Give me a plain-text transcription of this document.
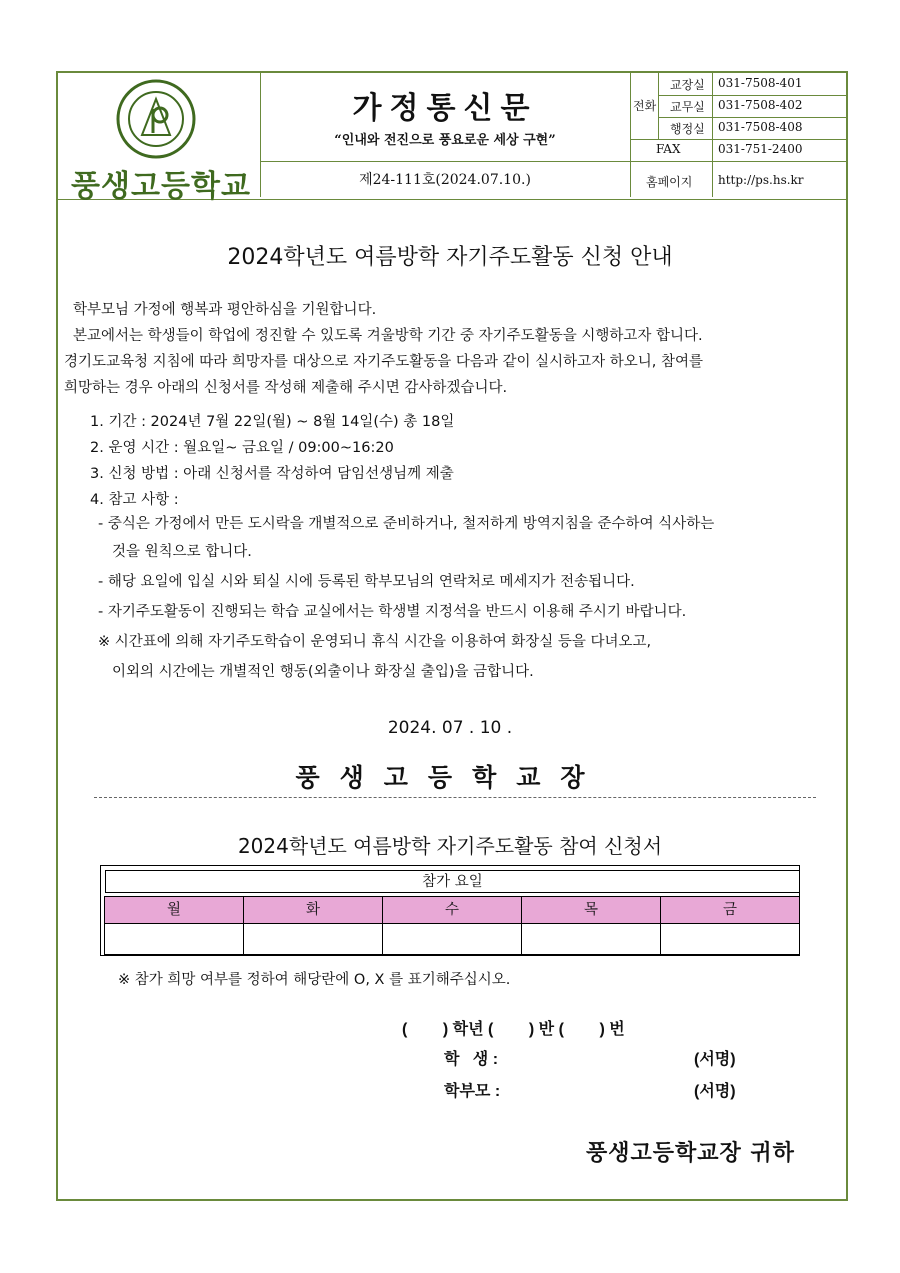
풍생고등학교
가정통신문
“인내와 전진으로 풍요로운 세상 구현”
제24-111호(2024.07.10.)
전화
교장실 031-7508-401
교무실 031-7508-402
행정실 031-7508-408
FAX	031-751-2400
홈페이지 http://ps.hs.kr
2024학년도 여름방학 자기주도활동 신청 안내
학부모님 가정에 행복과 평안하심을 기원합니다.
본교에서는 학생들이 학업에 정진할 수 있도록 겨울방학 기간 중 자기주도활동을 시행하고자 합니다.
경기도교육청 지침에 따라 희망자를 대상으로 자기주도활동을 다음과 같이 실시하고자 하오니, 참여를
희망하는 경우 아래의 신청서를 작성해 제출해 주시면 감사하겠습니다.
1. 기간 : 2024년 7월 22일(월) ~ 8월 14일(수) 총 18일
2. 운영 시간 : 월요일~ 금요일 / 09:00~16:20
3. 신청 방법 : 아래 신청서를 작성하여 담임선생님께 제출
4. 참고 사항 :
- 중식은 가정에서 만든 도시락을 개별적으로 준비하거나, 철저하게 방역지침을 준수하여 식사하는
것을 원칙으로 합니다.
- 해당 요일에 입실 시와 퇴실 시에 등록된 학부모님의 연락처로 메세지가 전송됩니다.
- 자기주도활동이 진행되는 학습 교실에서는 학생별 지정석을 반드시 이용해 주시기 바랍니다.
※ 시간표에 의해 자기주도학습이 운영되니 휴식 시간을 이용하여 화장실 등을 다녀오고,
이외의 시간에는 개별적인 행동(외출이나 화장실 출입)을 금합니다.
2024. 07 . 10 .
풍생고등학교장
2024학년도 여름방학 자기주도활동 참여 신청서
참가 요일
월	화	수	목	금
※ 참가 희망 여부를 정하여 해당란에 O, X 를 표기해주십시오.
(        ) 학년 (        ) 반 (        ) 번
학   생 :	(서명)
학부모 :	(서명)
풍생고등학교장 귀하
